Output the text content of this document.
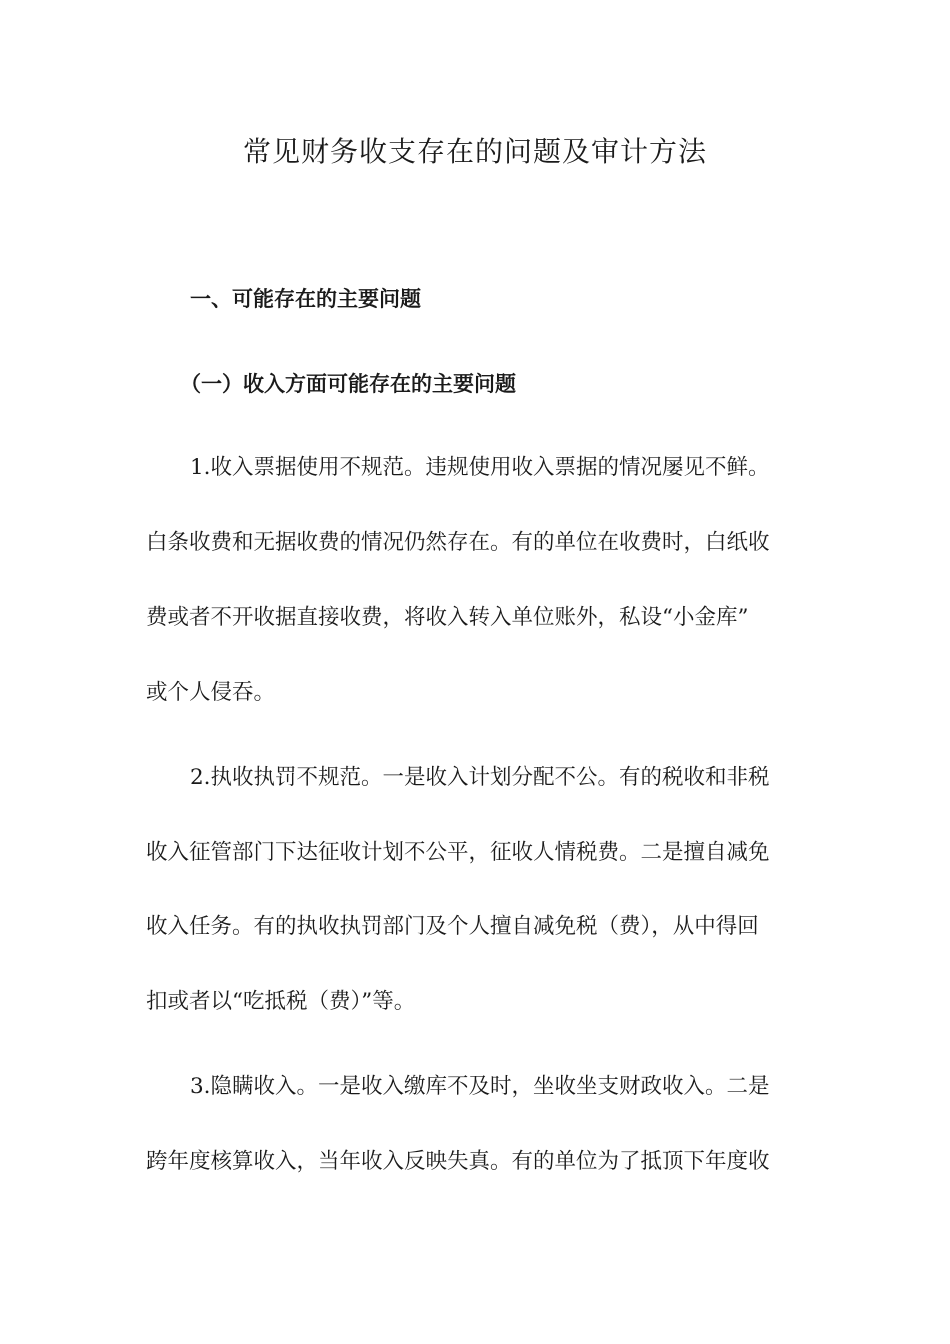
常见财务收支存在的问题及审计方法
一、可能存在的主要问题
（一）收入方面可能存在的主要问题
1.收入票据使用不规范。违规使用收入票据的情况屡见不鲜。
白条收费和无据收费的情况仍然存在。有的单位在收费时，白纸收
费或者不开收据直接收费，将收入转入单位账外，私设“小金库”
或个人侵吞。
2.执收执罚不规范。一是收入计划分配不公。有的税收和非税
收入征管部门下达征收计划不公平，征收人情税费。二是擅自减免
收入任务。有的执收执罚部门及个人擅自减免税（费），从中得回
扣或者以“吃抵税（费）”等。
3.隐瞒收入。一是收入缴库不及时，坐收坐支财政收入。二是
跨年度核算收入，当年收入反映失真。有的单位为了抵顶下年度收
